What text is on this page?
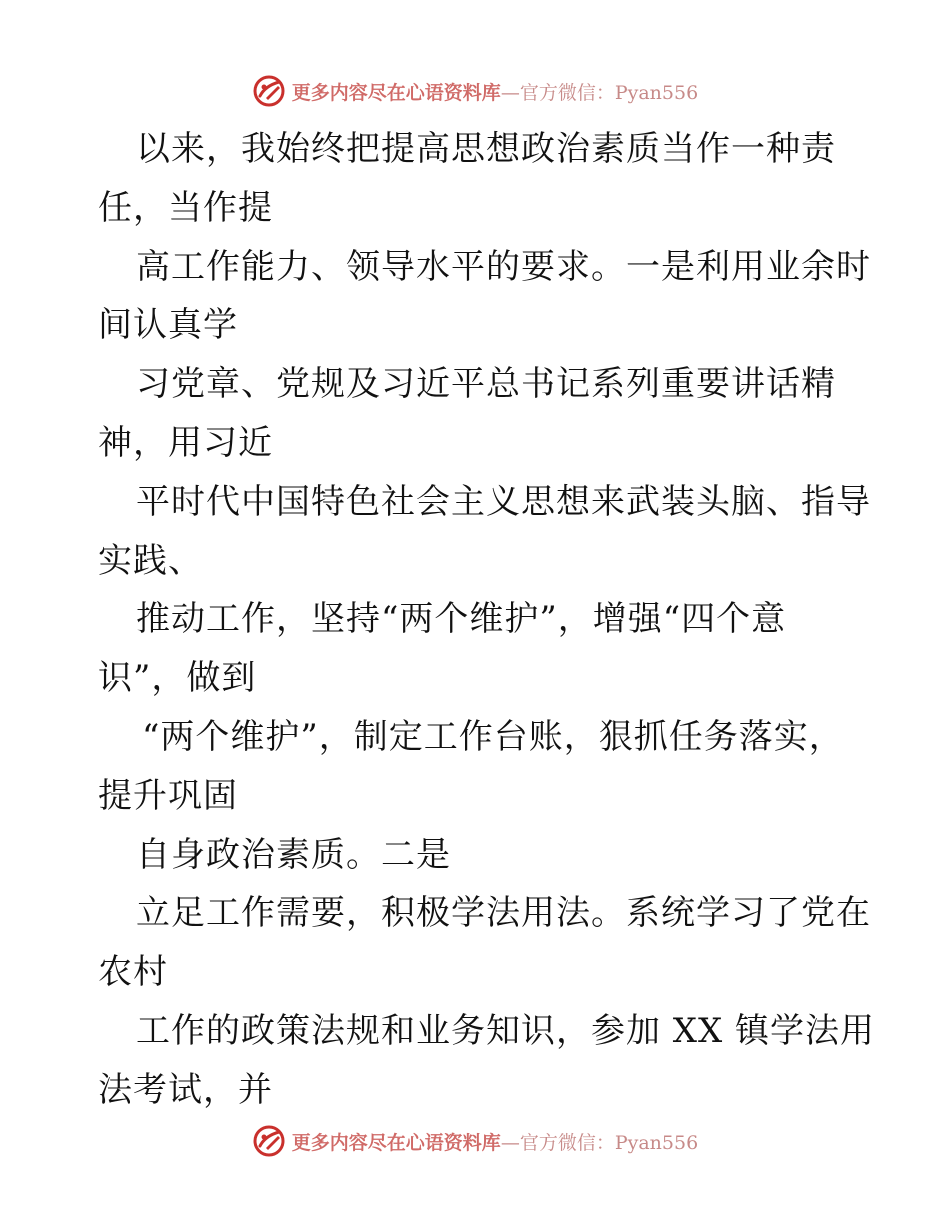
更多内容尽在心语资料库—官方微信：Pyan556
以来，我始终把提高思想政治素质当作一种责
任，当作提
高工作能力、领导水平的要求。一是利用业余时
间认真学
习党章、党规及习近平总书记系列重要讲话精
神，用习近
平时代中国特色社会主义思想来武装头脑、指导
实践、
推动工作，坚持“两个维护”，增强“四个意
识”，做到
“两个维护”，制定工作台账，狠抓任务落实，
提升巩固
自身政治素质。二是
立足工作需要，积极学法用法。系统学习了党在
农村
工作的政策法规和业务知识，参加 XX 镇学法用
法考试，并
更多内容尽在心语资料库—官方微信：Pyan556
